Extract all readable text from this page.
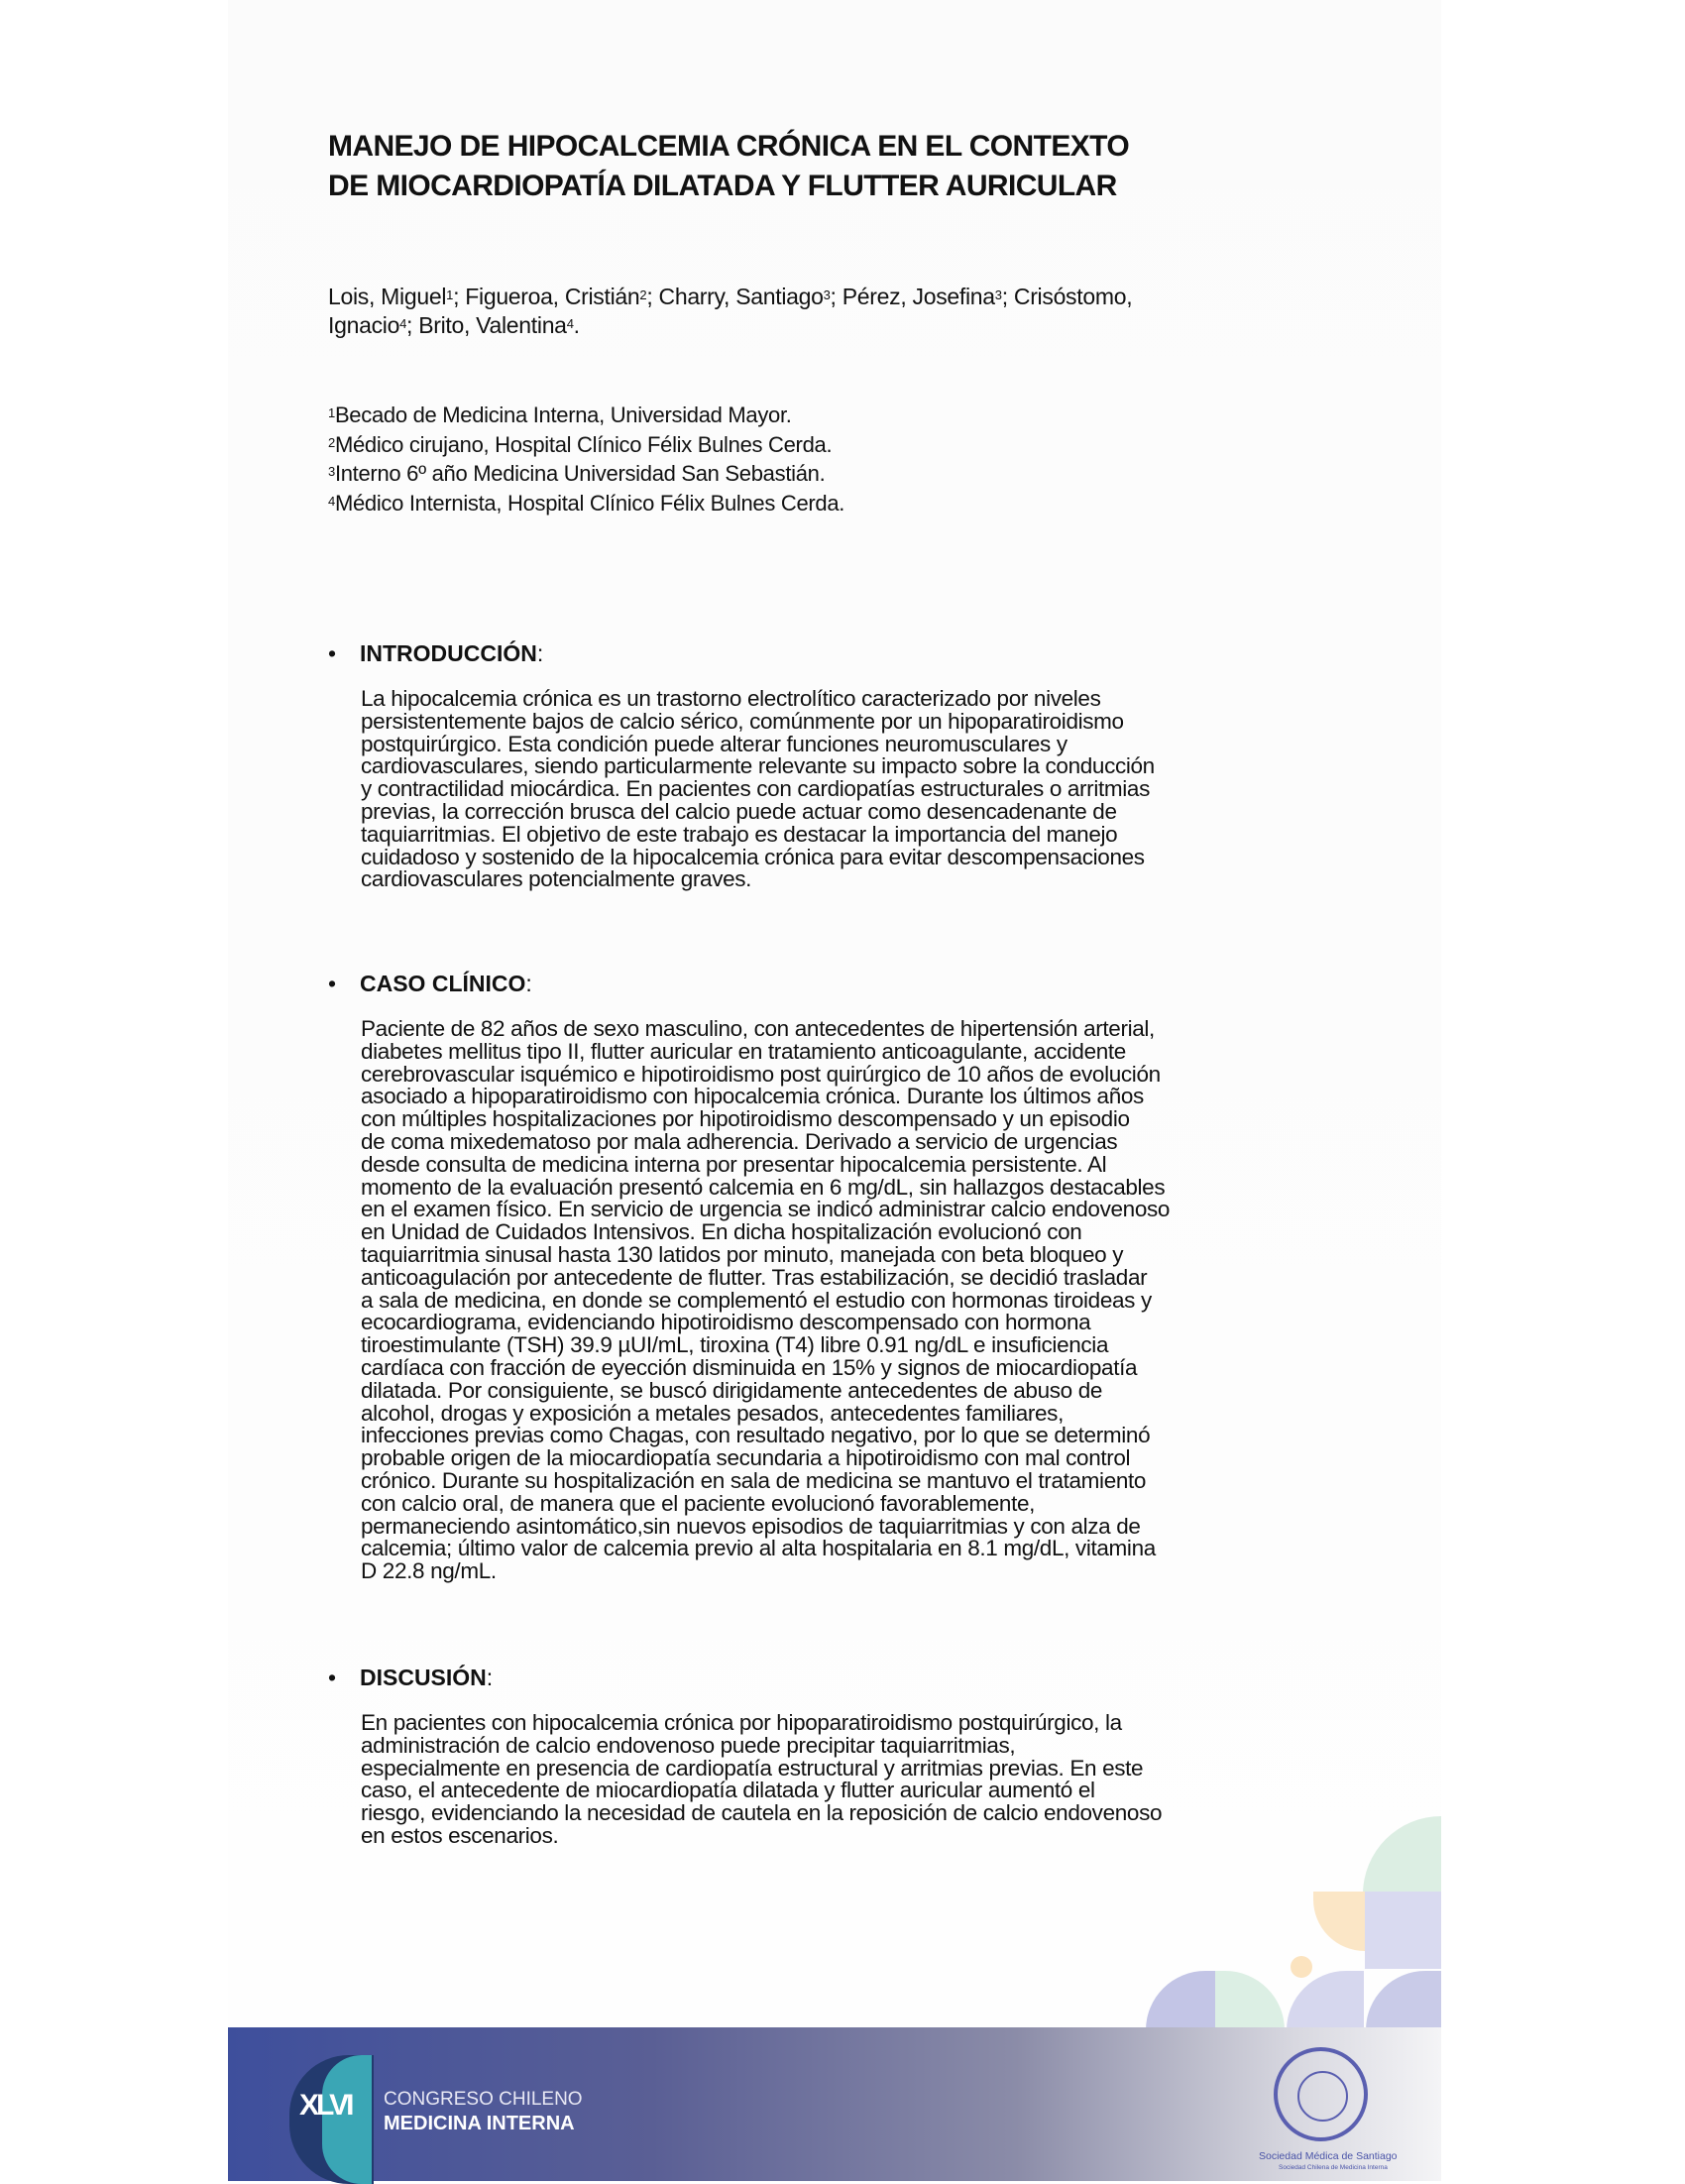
MANEJO DE HIPOCALCEMIA CRÓNICA EN EL CONTEXTO
DE MIOCARDIOPATÍA DILATADA Y FLUTTER AURICULAR
Lois, Miguel$^1$; Figueroa, Cristián$^2$; Charry, Santiago$^3$; Pérez, Josefina$^3$; Crisóstomo,
Ignacio$^4$; Brito, Valentina$^4$.
$^1$Becado de Medicina Interna, Universidad Mayor.
$^2$Médico cirujano, Hospital Clínico Félix Bulnes Cerda.
$^3$Interno 6º año Medicina Universidad San Sebastián.
$^4$Médico Internista, Hospital Clínico Félix Bulnes Cerda.
• INTRODUCCIÓN:
La hipocalcemia crónica es un trastorno electrolítico caracterizado por niveles
persistentemente bajos de calcio sérico, comúnmente por un hipoparatiroidismo
postquirúrgico. Esta condición puede alterar funciones neuromusculares y
cardiovasculares, siendo particularmente relevante su impacto sobre la conducción
y contractilidad miocárdica. En pacientes con cardiopatías estructurales o arritmias
previas, la corrección brusca del calcio puede actuar como desencadenante de
taquiarritmias. El objetivo de este trabajo es destacar la importancia del manejo
cuidadoso y sostenido de la hipocalcemia crónica para evitar descompensaciones
cardiovasculares potencialmente graves.
• CASO CLÍNICO:
Paciente de 82 años de sexo masculino, con antecedentes de hipertensión arterial,
diabetes mellitus tipo II, flutter auricular en tratamiento anticoagulante, accidente
cerebrovascular isquémico e hipotiroidismo post quirúrgico de 10 años de evolución
asociado a hipoparatiroidismo con hipocalcemia crónica. Durante los últimos años
con múltiples hospitalizaciones por hipotiroidismo descompensado y un episodio
de coma mixedematoso por mala adherencia. Derivado a servicio de urgencias
desde consulta de medicina interna por presentar hipocalcemia persistente. Al
momento de la evaluación presentó calcemia en 6 mg/dL, sin hallazgos destacables
en el examen físico. En servicio de urgencia se indicó administrar calcio endovenoso
en Unidad de Cuidados Intensivos. En dicha hospitalización evolucionó con
taquiarritmia sinusal hasta 130 latidos por minuto, manejada con beta bloqueo y
anticoagulación por antecedente de flutter. Tras estabilización, se decidió trasladar
a sala de medicina, en donde se complementó el estudio con hormonas tiroideas y
ecocardiograma, evidenciando hipotiroidismo descompensado con hormona
tiroestimulante (TSH) 39.9 µUI/mL, tiroxina (T4) libre 0.91 ng/dL e insuficiencia
cardíaca con fracción de eyección disminuida en 15% y signos de miocardiopatía
dilatada. Por consiguiente, se buscó dirigidamente antecedentes de abuso de
alcohol, drogas y exposición a metales pesados, antecedentes familiares,
infecciones previas como Chagas, con resultado negativo, por lo que se determinó
probable origen de la miocardiopatía secundaria a hipotiroidismo con mal control
crónico. Durante su hospitalización en sala de medicina se mantuvo el tratamiento
con calcio oral, de manera que el paciente evolucionó favorablemente,
permaneciendo asintomático,sin nuevos episodios de taquiarritmias y con alza de
calcemia; último valor de calcemia previo al alta hospitalaria en 8.1 mg/dL, vitamina
D 22.8 ng/mL.
• DISCUSIÓN:
En pacientes con hipocalcemia crónica por hipoparatiroidismo postquirúrgico, la
administración de calcio endovenoso puede precipitar taquiarritmias,
especialmente en presencia de cardiopatía estructural y arritmias previas. En este
caso, el antecedente de miocardiopatía dilatada y flutter auricular aumentó el
riesgo, evidenciando la necesidad de cautela en la reposición de calcio endovenoso
en estos escenarios.
XLVI CONGRESO CHILENO
MEDICINA INTERNA
Sociedad Médica de Santiago
Sociedad Chilena de Medicina Interna
